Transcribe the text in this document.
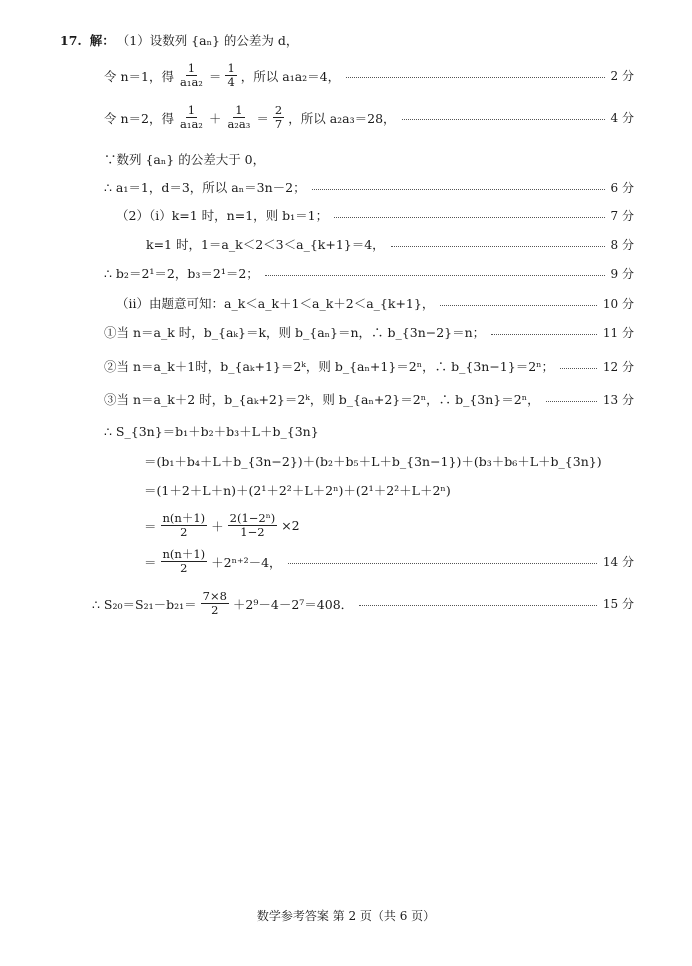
17.
解： （1）设数列 {aₙ} 的公差为 d，
令 n＝1，得 $\frac{1}{\text{a₁a₂}} = \frac{1}{4}$ ，所以 a₁a₂＝4，	2 分
令 n＝2，得 $\frac{1}{\text{a₁a₂}} + \frac{1}{\text{a₂a₃}} = \frac{2}{7}$ ，所以 a₂a₃＝28，	4 分
∵数列 {aₙ} 的公差大于 0，
∴ a₁＝1，d＝3，所以 aₙ＝3n－2；	6 分
（2）（i）k=1 时，n=1，则 b₁＝1；	7 分
k=1 时，1＝a_k＜2＜3＜a_{k+1}＝4，	8 分
∴ b₂＝2¹＝2，b₃＝2¹＝2；	9 分
（ii）由题意可知：a_k＜a_k＋1＜a_k＋2＜a_{k+1}，	10 分
①当 n＝a_k 时，b_{aₖ}＝k，则 b_{aₙ}＝n，∴ b_{3n−2}＝n；	11 分
②当 n＝a_k＋1时，b_{aₖ+1}＝2ᵏ，则 b_{aₙ+1}＝2ⁿ，∴ b_{3n−1}＝2ⁿ；	12 分
③当 n＝a_k＋2 时，b_{aₖ+2}＝2ᵏ，则 b_{aₙ+2}＝2ⁿ，∴ b_{3n}＝2ⁿ，	13 分
∴ S_{3n}＝b₁＋b₂＋b₃＋L＋b_{3n}
＝(b₁＋b₄＋L＋b_{3n−2})＋(b₂＋b₅＋L＋b_{3n−1})＋(b₃＋b₆＋L＋b_{3n})
＝(1＋2＋L＋n)＋(2¹＋2²＋L＋2ⁿ)＋(2¹＋2²＋L＋2ⁿ)
＝ $\frac{n(n+1)}{2} + \frac{\text{2(1−2ⁿ)}}{1-2} \times 2$
＝ $\frac{n(n+1)}{2} +2^{n+2}-4$，	14 分
∴ $S_{20}=S_{21}-b_{21}= \frac{7\times 8}{2} +2^9-4-2^7=408$．	15 分
数学参考答案 第 2 页（共 6 页）
